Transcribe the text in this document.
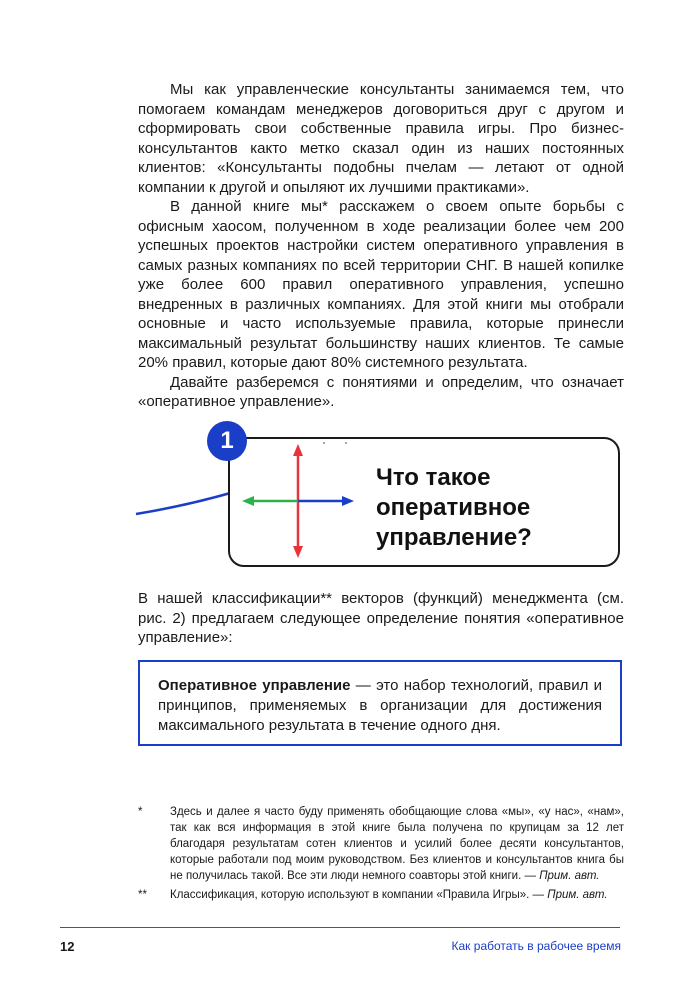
Мы как управленческие консультанты занимаемся тем, что помогаем командам менеджеров договориться друг с другом и сформировать свои собственные правила игры. Про бизнес-консультантов както метко сказал один из наших постоянных клиентов: «Консультанты подобны пчелам — летают от одной компании к другой и опыляют их лучшими практиками».

В данной книге мы* расскажем о своем опыте борьбы с офисным хаосом, полученном в ходе реализации более чем 200 успешных проектов настройки систем оперативного управления в самых разных компаниях по всей территории СНГ. В нашей копилке уже более 600 правил оперативного управления, успешно внедренных в различных компаниях. Для этой книги мы отобрали основные и часто используемые правила, которые принесли максимальный результат большинству наших клиентов. Те самые 20% правил, которые дают 80% системного результата.

Давайте разберемся с понятиями и определим, что означает «оперативное управление».

1
Что такое оперативное управление?

В нашей классификации** векторов (функций) менеджмента (см. рис. 2) предлагаем следующее определение понятия «оперативное управление»:

Оперативное управление — это набор технологий, правил и принципов, применяемых в организации для достижения максимального результата в течение одного дня.
*	Здесь и далее я часто буду применять обобщающие слова «мы», «у нас», «нам», так как вся информация в этой книге была получена по крупицам за 12 лет благодаря результатам сотен клиентов и усилий более десяти консультантов, которые работали под моим руководством. Без клиентов и консультантов книга бы не получилась такой. Все эти люди немного соавторы этой книги. — Прим. авт.
**	Классификация, которую используют в компании «Правила Игры». — Прим. авт.
12	Как работать в рабочее время
